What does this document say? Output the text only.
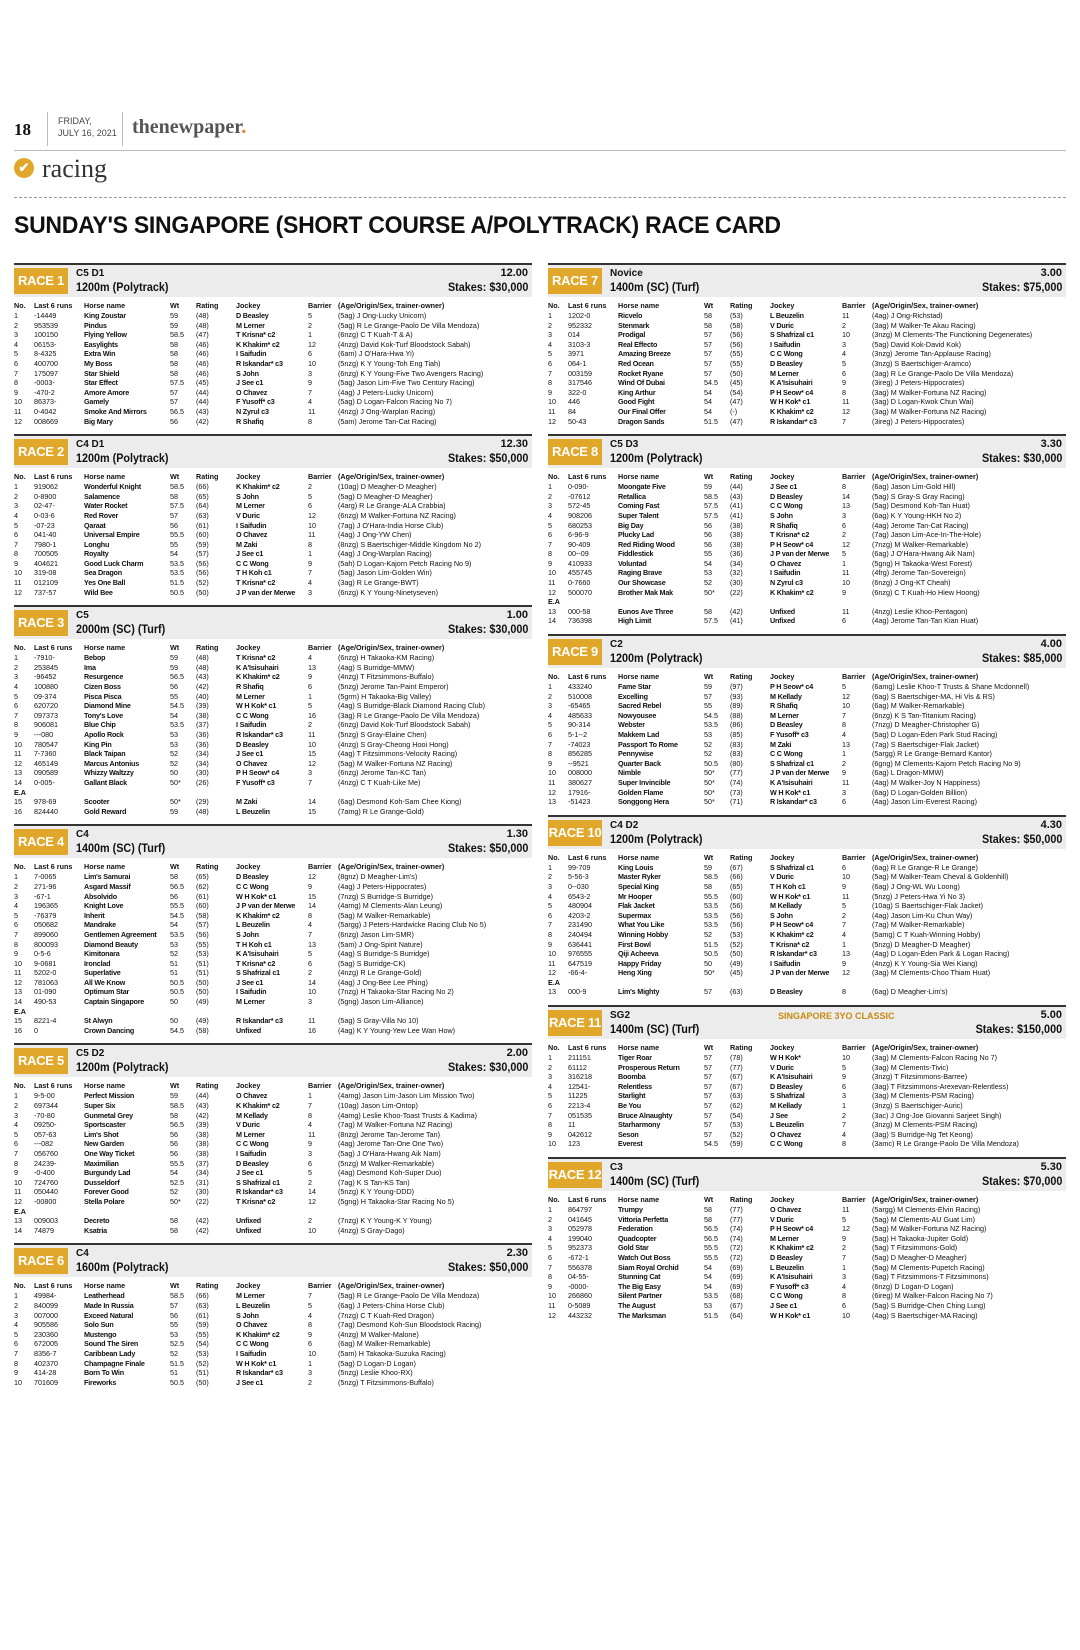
18	FRIDAY,
JULY 16, 2021 thenewpaper.
✔ racing
SUNDAY'S SINGAPORE (SHORT COURSE A/POLYTRACK) RACE CARD
RACE 1	C5 D1
1200m (Polytrack)
12.00
Stakes: $30,000
No.	Last 6 runs	Horse name	Wt	Rating	Jockey	Barrier	(Age/Origin/Sex, trainer-owner)
1	-14449	King Zoustar	59	(48)	D Beasley	5	(5ag) J Ong-Lucky Unicorn)
2	953539	Pindus	59	(48)	M Lerner	2	(5ag) R Le Grange-Paolo De Villa Mendoza)
3	100150	Flying Yellow	58.5	(47)	T Krisna* c2	1	(6nzg) C T Kuah-T & A)
4	06153-	Easylights	58	(46)	K Khakim* c2	12	(4nzg) David Kok-Turf Bloodstock Sabah)
5	8-4325	Extra Win	58	(46)	I Saifudin	6	(6am) J O'Hara-Hwa Yi)
6	400700	My Boss	58	(46)	R Iskandar* c3	10	(5nzg) K Y Young-Toh Eng Tiah)
7	175097	Star Shield	58	(46)	S John	3	(6nzg) K Y Young-Five Two Avengers Racing)
8	-0003-	Star Effect	57.5	(45)	J See c1	9	(5ag) Jason Lim-Five Two Century Racing)
9	-470-2	Amore Amore	57	(44)	O Chavez	7	(4ag) J Peters-Lucky Unicorn)
10	86373-	Gamely	57	(44)	F Yusoff* c3	4	(5ag) D Logan-Falcon Racing No 7)
11	0-4042	Smoke And Mirrors	56.5	(43)	N Zyrul c3	11	(4nzg) J Ong-Warplan Racing)
12	008669	Big Mary	56	(42)	R Shafiq	8	(5am) Jerome Tan-Cat Racing)
RACE 2	C4 D1
1200m (Polytrack)
12.30
Stakes: $50,000
No.	Last 6 runs	Horse name	Wt	Rating	Jockey	Barrier	(Age/Origin/Sex, trainer-owner)
1	919062	Wonderful Knight	58.5	(66)	K Khakim* c2	2	(10ag) D Meagher-D Meagher)
2	0-8900	Salamence	58	(65)	S John	5	(5ag) D Meagher-D Meagher)
3	02-47-	Water Rocket	57.5	(64)	M Lerner	6	(4arg) R Le Grange-ALA Crabbia)
4	0-03-6	Red Rover	57	(63)	V Duric	12	(6nzg) M Walker-Fortuna NZ Racing)
5	-07-23	Qaraat	56	(61)	I Saifudin	10	(7ag) J O'Hara-India Horse Club)
6	041-40	Universal Empire	55.5	(60)	O Chavez	11	(4ag) J Ong-YW Chen)
7	7980-1	Longhu	55	(59)	M Zaki	8	(8nzg) S Baertschiger-Middle Kingdom No 2)
8	700505	Royalty	54	(57)	J See c1	1	(4ag) J Ong-Warplan Racing)
9	404621	Good Luck Charm	53.5	(56)	C C Wong	9	(5ah) D Logan-Kajorn Petch Racing No 9)
10	319-08	Sea Dragon	53.5	(56)	T H Koh c1	7	(5ag) Jason Lim-Golden Win)
11	012109	Yes One Ball	51.5	(52)	T Krisna* c2	4	(3ag) R Le Grange-BWT)
12	737-57	Wild Bee	50.5	(50)	J P van der Merwe	3	(6nzg) K Y Young-Ninetyseven)
RACE 3	C5
2000m (SC) (Turf)
1.00
Stakes: $30,000
No.	Last 6 runs	Horse name	Wt	Rating	Jockey	Barrier	(Age/Origin/Sex, trainer-owner)
1	-7910-	Bebop	59	(48)	T Krisna* c2	4	(6nzg) H Takaoka-KM Racing)
2	253845	Ima	59	(48)	K A'Isisuhairi	13	(4ag) S Burridge-MMW)
3	-96452	Resurgence	56.5	(43)	K Khakim* c2	9	(4nzg) T Fitzsimmons-Buffalo)
4	100880	Cizen Boss	56	(42)	R Shafiq	6	(5nzg) Jerome Tan-Paint Emperor)
5	09-374	Pisca Pisca	55	(40)	M Lerner	1	(5grm) H Takaoka-Big Valley)
6	620720	Diamond Mine	54.5	(39)	W H Kok* c1	5	(4ag) S Burridge-Black Diamond Racing Club)
7	097373	Tony's Love	54	(38)	C C Wong	16	(3ag) R Le Grange-Paolo De Villa Mendoza)
8	906081	Blue Chip	53.5	(37)	I Saifudin	2	(6nzg) David Kok-Turf Bloodstock Sabah)
9	---080	Apollo Rock	53	(36)	R Iskandar* c3	11	(5nzg) S Gray-Elaine Chen)
10	780547	King Pin	53	(36)	D Beasley	10	(4nzg) S Gray-Cheong Hooi Hong)
11	7-7360	Black Taipan	52	(34)	J See c1	15	(4ag) T Fitzsimmons-Velocity Racing)
12	465149	Marcus Antonius	52	(34)	O Chavez	12	(5ag) M Walker-Fortuna NZ Racing)
13	090589	Whizzy Waltzzy	50	(30)	P H Seow* c4	3	(6nzg) Jerome Tan-KC Tan)
14	0-005-	Gallant Black	50*	(26)	F Yusoff* c3	7	(4nzg) C T Kuah-Like Me)
E.A							
15	978-69	Scooter	50*	(29)	M Zaki	14	(6ag) Desmond Koh-Sam Chee Kiong)
16	824440	Gold Reward	59	(48)	L Beuzelin	15	(7amg) R Le Grange-Gold)
RACE 4	C4
1400m (SC) (Turf)
1.30
Stakes: $50,000
No.	Last 6 runs	Horse name	Wt	Rating	Jockey	Barrier	(Age/Origin/Sex, trainer-owner)
1	7-0065	Lim's Samurai	58	(65)	D Beasley	12	(8gnz) D Meagher-Lim's)
2	271-96	Asgard Massif	56.5	(62)	C C Wong	9	(4ag) J Peters-Hippocrates)
3	-67-1	Absolvido	56	(61)	W H Kok* c1	15	(7nzg) S Burridge-S Burridge)
4	196365	Knight Love	55.5	(60)	J P van der Merwe	14	(4amg) M Clements-Alan Leung)
5	-76379	Inherit	54.5	(58)	K Khakim* c2	8	(5ag) M Walker-Remarkable)
6	050682	Mandrake	54	(57)	L Beuzelin	4	(5argg) J Peters-Hardwicke Racing Club No 5)
7	899060	Gentlemen Agreement	53.5	(56)	S John	7	(6nzg) Jason Lim-SMR)
8	800093	Diamond Beauty	53	(55)	T H Koh c1	13	(5am) J Ong-Spirit Nature)
9	0-5-6	Kimitonara	52	(53)	K A'Isisuhairi	5	(4ag) S Burridge-S Burridge)
10	9-0681	Ironclad	51	(51)	T Krisna* c2	6	(5ag) S Burridge-CK)
11	5202-0	Superlative	51	(51)	S Shafrizal c1	2	(4nzg) R Le Grange-Gold)
12	781063	All We Know	50.5	(50)	J See c1	14	(4ag) J Ong-Bee Lee Phing)
13	01-090	Optimum Star	50.5	(50)	I Saifudin	10	(7nzg) H Takaoka-Star Racing No 2)
14	490-53	Captain Singapore	50	(49)	M Lerner	3	(5gng) Jason Lim-Alliance)
E.A							
15	8221-4	St Alwyn	50	(49)	R Iskandar* c3	11	(5ag) S Gray-Villa No 10)
16	0	Crown Dancing	54.5	(58)	Unfixed	16	(4ag) K Y Young-Yew Lee Wan How)
RACE 5	C5 D2
1200m (Polytrack)
2.00
Stakes: $30,000
No.	Last 6 runs	Horse name	Wt	Rating	Jockey	Barrier	(Age/Origin/Sex, trainer-owner)
1	9-5-00	Perfect Mission	59	(44)	O Chavez	1	(4amg) Jason Lim-Jason Lim Mission Two)
2	697344	Super Six	58.5	(43)	K Khakim* c2	7	(10ag) Jason Lim-Ontop)
3	-70-80	Gunmetal Grey	58	(42)	M Kellady	8	(4amg) Leslie Khoo-Toast Trusts & Kadima)
4	09250-	Sportscaster	56.5	(39)	V Duric	4	(7ag) M Walker-Fortuna NZ Racing)
5	057-63	Lim's Shot	56	(38)	M Lerner	11	(8nzg) Jerome Tan-Jerome Tan)
6	---082	New Garden	56	(38)	C C Wong	9	(4ag) Jerome Tan-One One Two)
7	056760	One Way Ticket	56	(38)	I Saifudin	3	(5ag) J O'Hara-Hwang Aik Nam)
8	24239-	Maximilian	55.5	(37)	D Beasley	6	(5nzg) M Walker-Remarkable)
9	-0-400	Burgundy Lad	54	(34)	J See c1	5	(4ag) Desmond Koh-Super Duo)
10	724760	Dusseldorf	52.5	(31)	S Shafrizal c1	2	(7ag) K S Tan-KS Tan)
11	050440	Forever Good	52	(30)	R Iskandar* c3	14	(5nzg) K Y Young-DDD)
12	-00800	Stella Polare	50*	(22)	T Krisna* c2	12	(5gng) H Takaoka-Star Racing No 5)
E.A							
13	009003	Decreto	58	(42)	Unfixed	2	(7nzg) K Y Young-K Y Young)
14	74879	Ksatria	58	(42)	Unfixed	10	(4nzg) S Gray-Dago)
RACE 6	C4
1600m (Polytrack)
2.30
Stakes: $50,000
No.	Last 6 runs	Horse name	Wt	Rating	Jockey	Barrier	(Age/Origin/Sex, trainer-owner)
1	49984-	Leatherhead	58.5	(66)	M Lerner	7	(5ag) R Le Grange-Paolo De Villa Mendoza)
2	840099	Made In Russia	57	(63)	L Beuzelin	5	(6ag) J Peters-China Horse Club)
3	007000	Exceed Natural	56	(61)	S John	4	(7nzg) C T Kuah-Red Dragon)
4	905586	Solo Sun	55	(59)	O Chavez	8	(7ag) Desmond Koh-Sun Bloodstock Racing)
5	230360	Mustengo	53	(55)	K Khakim* c2	9	(4nzg) M Walker-Malone)
6	672005	Sound The Siren	52.5	(54)	C C Wong	6	(6ag) M Walker-Remarkable)
7	8356-7	Caribbean Lady	52	(53)	I Saifudin	10	(5am) H Takaoka-Suzuka Racing)
8	402370	Champagne Finale	51.5	(52)	W H Kok* c1	1	(5ag) D Logan-D Logan)
9	414-28	Born To Win	51	(51)	R Iskandar* c3	3	(5nzg) Leslie Khoo-RX)
10	701609	Fireworks	50.5	(50)	J See c1	2	(5nzg) T Fitzsimmons-Buffalo)
RACE 7	Novice
1400m (SC) (Turf)
3.00
Stakes: $75,000
No.	Last 6 runs	Horse name	Wt	Rating	Jockey	Barrier	(Age/Origin/Sex, trainer-owner)
1	1202-0	Ricvelo	58	(53)	L Beuzelin	11	(4ag) J Ong-Richstad)
2	952332	Stenmark	58	(58)	V Duric	2	(3ag) M Walker-Te Akau Racing)
3	014	Prodigal	57	(56)	S Shafrizal c1	10	(3nzg) M Clements-The Functioning Degenerates)
4	3103-3	Real Effecto	57	(56)	I Saifudin	3	(5ag) David Kok-David Kok)
5	3971	Amazing Breeze	57	(55)	C C Wong	4	(3nzg) Jerome Tan-Applause Racing)
6	064-1	Red Ocean	57	(55)	D Beasley	5	(3nzg) S Baertschiger-Aramco)
7	003159	Rocket Ryane	57	(50)	M Lerner	6	(3ag) R Le Grange-Paolo De Villa Mendoza)
8	317546	Wind Of Dubai	54.5	(45)	K A'Isisuhairi	9	(3ireg) J Peters-Hippocrates)
9	322-0	King Arthur	54	(54)	P H Seow* c4	8	(3ag) M Walker-Fortuna NZ Racing)
10	446	Good Fight	54	(47)	W H Kok* c1	11	(3ag) D Logan-Kwok Chun Wai)
11	84	Our Final Offer	54	(-)	K Khakim* c2	12	(3ag) M Walker-Fortuna NZ Racing)
12	50-43	Dragon Sands	51.5	(47)	R Iskandar* c3	7	(3ireg) J Peters-Hippocrates)
RACE 8	C5 D3
1200m (Polytrack)
3.30
Stakes: $30,000
No.	Last 6 runs	Horse name	Wt	Rating	Jockey	Barrier	(Age/Origin/Sex, trainer-owner)
1	0-090-	Moongate Five	59	(44)	J See c1	8	(6ag) Jason Lim-Gold Hill)
2	-07612	Retallica	58.5	(43)	D Beasley	14	(5ag) S Gray-S Gray Racing)
3	572-45	Coming Fast	57.5	(41)	C C Wong	13	(5ag) Desmond Koh-Tan Huat)
4	908206	Super Talent	57.5	(41)	S John	3	(6ag) K Y Young-HKH No 2)
5	680253	Big Day	56	(38)	R Shafiq	6	(4ag) Jerome Tan-Cat Racing)
6	6-96-9	Plucky Lad	56	(38)	T Krisna* c2	2	(7ag) Jason Lim-Ace-In-The-Hole)
7	90-409	Red Riding Wood	56	(38)	P H Seow* c4	12	(7nzg) M Walker-Remarkable)
8	00--09	Fiddlestick	55	(36)	J P van der Merwe	5	(6ag) J O'Hara-Hwang Aik Nam)
9	410933	Voluntad	54	(34)	O Chavez	1	(5gng) H Takaoka-West Forest)
10	455745	Raging Brave	53	(32)	I Saifudin	11	(4frg) Jerome Tan-Sovereign)
11	0-7660	Our Showcase	52	(30)	N Zyrul c3	10	(6nzg) J Ong-KT Cheah)
12	500070	Brother Mak Mak	50*	(22)	K Khakim* c2	9	(6nzg) C T Kuah-Ho Hiew Hoong)
E.A							
13	000-58	Eunos Ave Three	58	(42)	Unfixed	11	(4nzg) Leslie Khoo-Pentagon)
14	736398	High Limit	57.5	(41)	Unfixed	6	(4ag) Jerome Tan-Tan Kian Huat)
RACE 9	C2
1200m (Polytrack)
4.00
Stakes: $85,000
No.	Last 6 runs	Horse name	Wt	Rating	Jockey	Barrier	(Age/Origin/Sex, trainer-owner)
1	433240	Fame Star	59	(97)	P H Seow* c4	5	(6amg) Leslie Khoo-T Trusts & Shane Mcdonnell)
2	510008	Excelling	57	(93)	M Kellady	12	(6ag) S Baertschiger-MA, Hi Vis & RS)
3	-65465	Sacred Rebel	55	(89)	R Shafiq	10	(6ag) M Walker-Remarkable)
4	485633	Nowyousee	54.5	(88)	M Lerner	7	(6nzg) K S Tan-Titanium Racing)
5	90-314	Webster	53.5	(86)	D Beasley	8	(7nzg) D Meagher-Christopher G)
6	5-1--2	Makkem Lad	53	(85)	F Yusoff* c3	4	(5ag) D Logan-Eden Park Stud Racing)
7	-74023	Passport To Rome	52	(83)	M Zaki	13	(7ag) S Baertschiger-Flak Jacket)
8	856285	Pennywise	52	(83)	C C Wong	1	(5argg) R Le Grange-Bernard Kantor)
9	--9521	Quarter Back	50.5	(80)	S Shafrizal c1	2	(6gng) M Clements-Kajorn Petch Racing No 9)
10	008000	Nimble	50*	(77)	J P van der Merwe	9	(6ag) L Dragon-MMW)
11	380627	Super Invincible	50*	(74)	K A'Isisuhairi	11	(4ag) M Walker-Joy N Happiness)
12	17916-	Golden Flame	50*	(73)	W H Kok* c1	3	(6ag) D Logan-Golden Billion)
13	-51423	Songgong Hera	50*	(71)	R Iskandar* c3	6	(4ag) Jason Lim-Everest Racing)
RACE 10 C4 D2
1200m (Polytrack)
4.30
Stakes: $50,000
No.	Last 6 runs	Horse name	Wt	Rating	Jockey	Barrier	(Age/Origin/Sex, trainer-owner)
1	99-709	King Louis	59	(67)	S Shafrizal c1	6	(6ag) R Le Grange-R Le Grange)
2	5-56-3	Master Ryker	58.5	(66)	V Duric	10	(5ag) M Walker-Team Cheval & Goldenhill)
3	0--030	Special King	58	(65)	T H Koh c1	9	(6ag) J Ong-WL Wu Loong)
4	6543-2	Mr Hooper	55.5	(60)	W H Kok* c1	11	(5nzg) J Peters-Hwa Yi No 3)
5	480904	Flak Jacket	53.5	(56)	M Kellady	5	(10ag) S Baertschiger-Flak Jacket)
6	4203-2	Supermax	53.5	(56)	S John	2	(4ag) Jason Lim-Ku Chun Way)
7	231490	What You Like	53.5	(56)	P H Seow* c4	7	(7ag) M Walker-Remarkable)
8	240494	Winning Hobby	52	(53)	K Khakim* c2	4	(5amg) C T Kuah-Winning Hobby)
9	636441	First Bowl	51.5	(52)	T Krisna* c2	1	(5nzg) D Meagher-D Meagher)
10	976555	Qiji Acheeva	50.5	(50)	R Iskandar* c3	13	(4ag) D Logan-Eden Park & Logan Racing)
11	647519	Happy Friday	50	(49)	I Saifudin	9	(4nzg) K Y Young-Sia Wei Kiang)
12	-66-4-	Heng Xing	50*	(45)	J P van der Merwe	12	(3ag) M Clements-Choo Thiam Huat)
E.A							
13	000-9	Lim's Mighty	57	(63)	D Beasley	8	(6ag) D Meagher-Lim's)
RACE 11 SG2
1400m (SC) (Turf)
5.00
Stakes: $150,000
SINGAPORE 3YO CLASSIC
No.	Last 6 runs	Horse name	Wt	Rating	Jockey	Barrier	(Age/Origin/Sex, trainer-owner)
1	211151	Tiger Roar	57	(78)	W H Kok*	10	(3ag) M Clements-Falcon Racing No 7)
2	61112	Prosperous Return	57	(77)	V Duric	5	(3ag) M Clements-Tivic)
3	316218	Boomba	57	(67)	K A'Isisuhairi	9	(3nzg) T Fitzsimmons-Barree)
4	12541-	Relentless	57	(67)	D Beasley	6	(3ag) T Fitzsimmons-Arexevan-Relentless)
5	11225	Starlight	57	(63)	S Shafrizal	3	(3ag) M Clements-PSM Racing)
6	2213-4	Be You	57	(62)	M Kellady	1	(3nzg) S Baertschiger-Auric)
7	051535	Bruce Alnaughty	57	(54)	J See	2	(3ac) J Ong-Joe Giovanni Sarjeet Singh)
8	11	Starharmony	57	(53)	L Beuzelin	7	(3nzg) M Clements-PSM Racing)
9	042612	Seson	57	(52)	O Chavez	4	(3ag) S Burridge-Ng Tet Keong)
10	123	Everest	54.5	(59)	C C Wong	8	(3amc) R Le Grange-Paolo De Villa Mendoza)
RACE 12 C3
1400m (SC) (Turf)
5.30
Stakes: $70,000
No.	Last 6 runs	Horse name	Wt	Rating	Jockey	Barrier	(Age/Origin/Sex, trainer-owner)
1	864797	Trumpy	58	(77)	O Chavez	11	(5argg) M Clements-Elvin Racing)
2	041645	Vittoria Perfetta	58	(77)	V Duric	5	(5ag) M Clements-AU Guat Lim)
3	052978	Federation	56.5	(74)	P H Seow* c4	12	(5ag) M Walker-Fortuna NZ Racing)
4	199040	Quadcopter	56.5	(74)	M Lerner	9	(5ag) H Takaoka-Jupiter Gold)
5	952373	Gold Star	55.5	(72)	K Khakim* c2	2	(5ag) T Fitzsimmons-Gold)
6	-672-1	Watch Out Boss	55.5	(72)	D Beasley	7	(5ag) D Meagher-D Meagher)
7	556378	Siam Royal Orchid	54	(69)	L Beuzelin	1	(5ag) M Clements-Pupetch Racing)
8	04-55-	Stunning Cat	54	(69)	K A'Isisuhairi	3	(6ag) T Fitzsimmons-T Fitzsimmons)
9	-0000-	The Big Easy	54	(69)	F Yusoff* c3	4	(6nzg) D Logan-D Logan)
10	266860	Silent Partner	53.5	(68)	C C Wong	8	(6ireg) M Walker-Falcon Racing No 7)
11	0-5089	The August	53	(67)	J See c1	6	(5ag) S Burridge-Chen Ching Lung)
12	443232	The Marksman	51.5	(64)	W H Kok* c1	10	(4ag) S Baertschiger-MA Racing)
